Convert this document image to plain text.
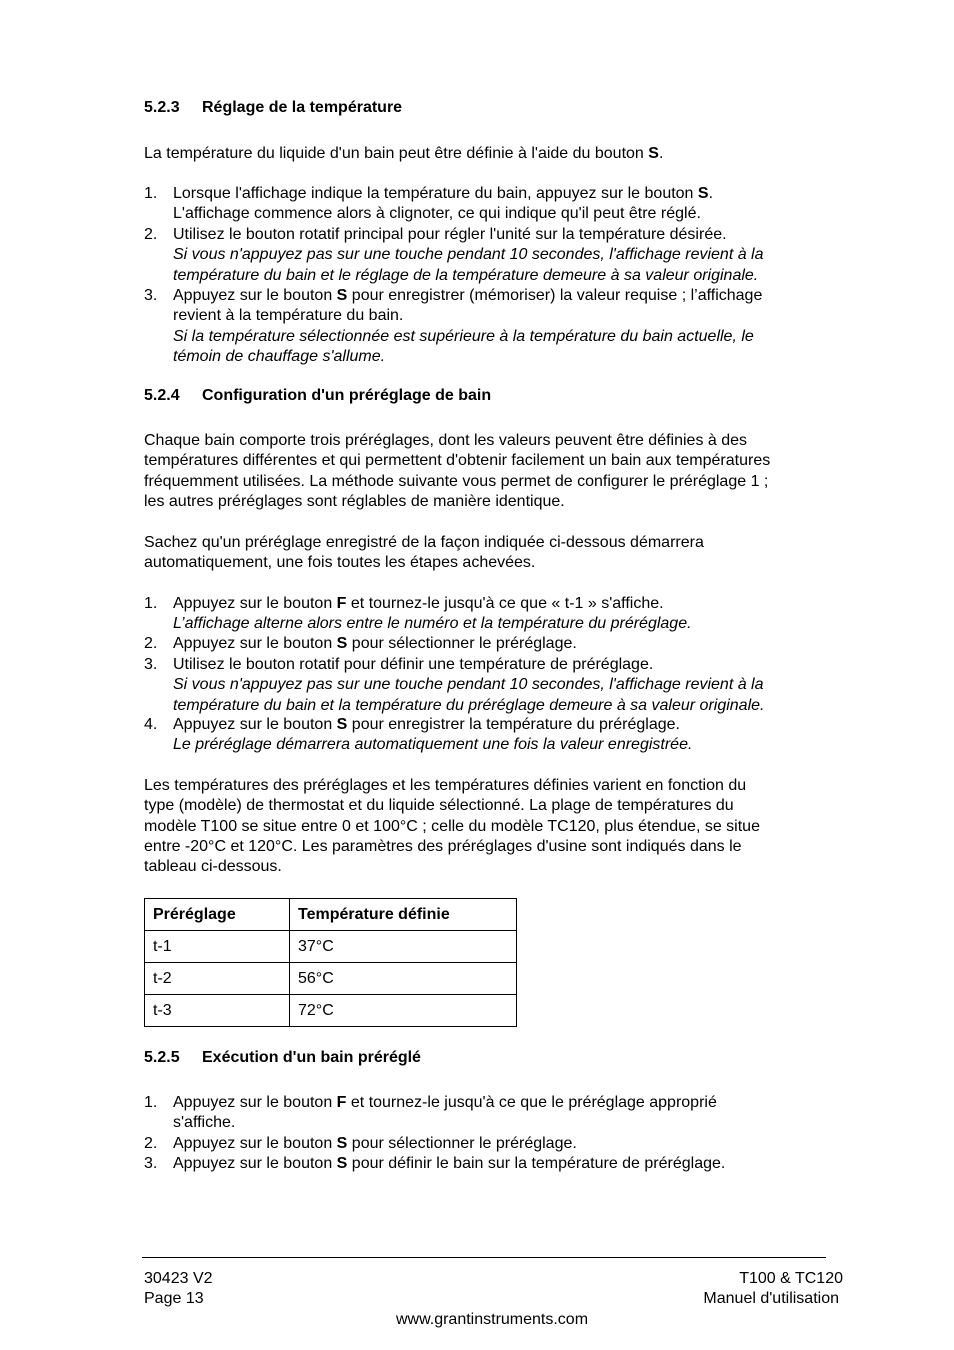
5.2.3 Réglage de la température
La température du liquide d'un bain peut être définie à l'aide du bouton S.
1. Lorsque l'affichage indique la température du bain, appuyez sur le bouton S.
L'affichage commence alors à clignoter, ce qui indique qu'il peut être réglé.
2. Utilisez le bouton rotatif principal pour régler l'unité sur la température désirée.
Si vous n'appuyez pas sur une touche pendant 10 secondes, l'affichage revient à la
température du bain et le réglage de la température demeure à sa valeur originale.
3. Appuyez sur le bouton S pour enregistrer (mémoriser) la valeur requise ; l’affichage
revient à la température du bain.
Si la température sélectionnée est supérieure à la température du bain actuelle, le
témoin de chauffage s'allume.
5.2.4 Configuration d'un préréglage de bain
Chaque bain comporte trois préréglages, dont les valeurs peuvent être définies à des
températures différentes et qui permettent d'obtenir facilement un bain aux températures
fréquemment utilisées. La méthode suivante vous permet de configurer le préréglage 1 ;
les autres préréglages sont réglables de manière identique.
Sachez qu'un préréglage enregistré de la façon indiquée ci-dessous démarrera
automatiquement, une fois toutes les étapes achevées.
1. Appuyez sur le bouton F et tournez-le jusqu'à ce que « t-1 » s'affiche.
L’affichage alterne alors entre le numéro et la température du préréglage.
2. Appuyez sur le bouton S pour sélectionner le préréglage.
3. Utilisez le bouton rotatif pour définir une température de préréglage.
Si vous n'appuyez pas sur une touche pendant 10 secondes, l'affichage revient à la
température du bain et la température du préréglage demeure à sa valeur originale.
4. Appuyez sur le bouton S pour enregistrer la température du préréglage.
Le préréglage démarrera automatiquement une fois la valeur enregistrée.
Les températures des préréglages et les températures définies varient en fonction du
type (modèle) de thermostat et du liquide sélectionné. La plage de températures du
modèle T100 se situe entre 0 et 100°C ; celle du modèle TC120, plus étendue, se situe
entre -20°C et 120°C. Les paramètres des préréglages d'usine sont indiqués dans le
tableau ci-dessous.
Préréglage	Température définie
t-1	37°C
t-2	56°C
t-3	72°C
5.2.5 Exécution d'un bain préréglé
1. Appuyez sur le bouton F et tournez-le jusqu'à ce que le préréglage approprié
s'affiche.
2. Appuyez sur le bouton S pour sélectionner le préréglage.
3. Appuyez sur le bouton S pour définir le bain sur la température de préréglage.
30423 V2
Page 13
T100 & TC120
Manuel d'utilisation
www.grantinstruments.com
